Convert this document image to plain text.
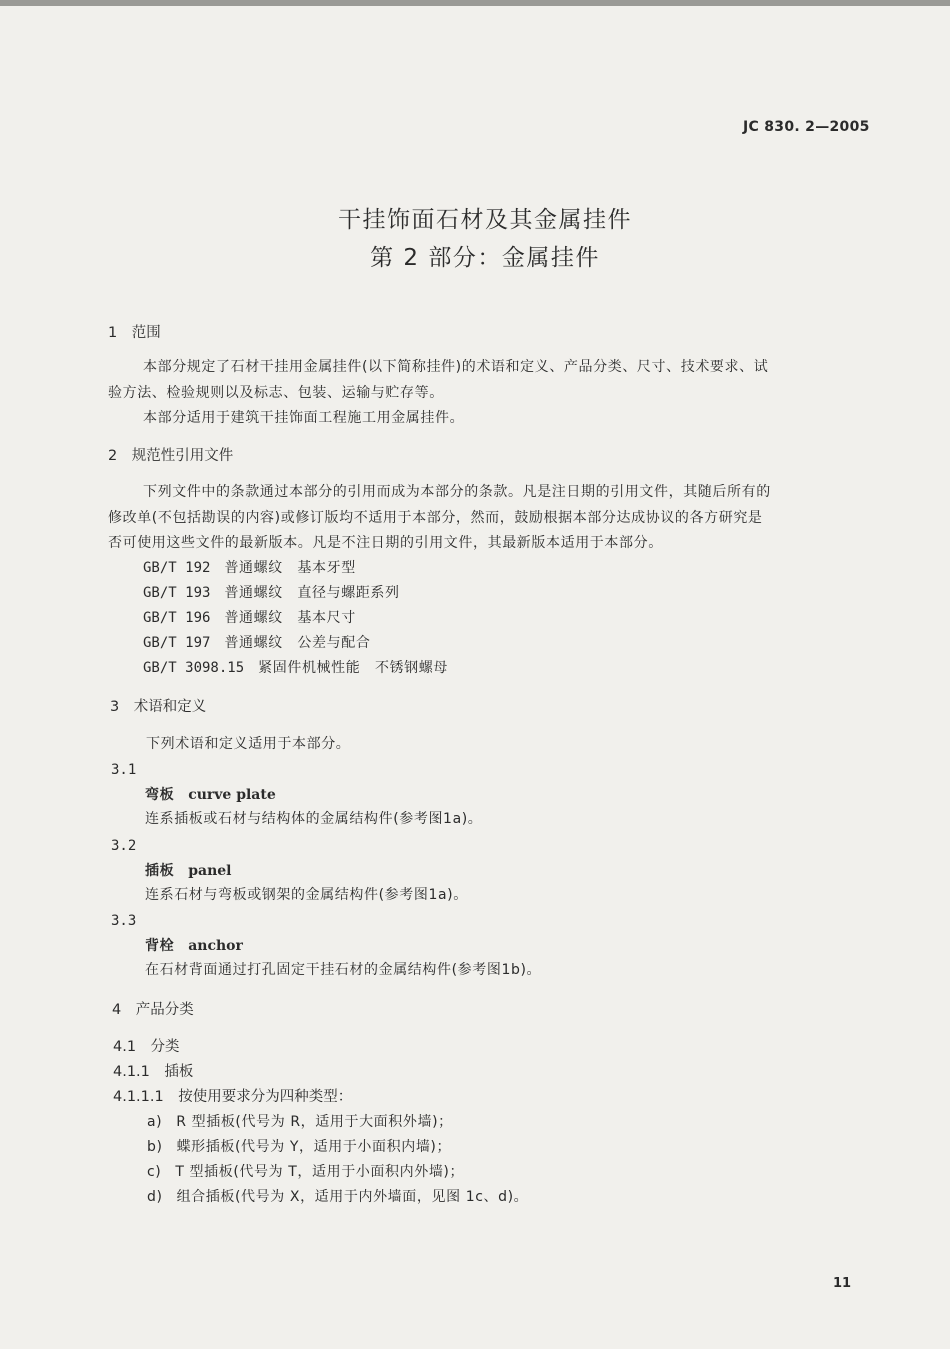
JC 830. 2—2005
干挂饰面石材及其金属挂件
第 2 部分：金属挂件
1　范围
本部分规定了石材干挂用金属挂件(以下简称挂件)的术语和定义、产品分类、尺寸、技术要求、试
验方法、检验规则以及标志、包装、运输与贮存等。
本部分适用于建筑干挂饰面工程施工用金属挂件。
2　规范性引用文件
下列文件中的条款通过本部分的引用而成为本部分的条款。凡是注日期的引用文件，其随后所有的
修改单(不包括勘误的内容)或修订版均不适用于本部分，然而，鼓励根据本部分达成协议的各方研究是
否可使用这些文件的最新版本。凡是不注日期的引用文件，其最新版本适用于本部分。
GB/T 192 普通螺纹　基本牙型
GB/T 193 普通螺纹　直径与螺距系列
GB/T 196 普通螺纹　基本尺寸
GB/T 197 普通螺纹　公差与配合
GB/T 3098.15 紧固件机械性能　不锈钢螺母
3　术语和定义
下列术语和定义适用于本部分。
3.1
弯板 curve plate
连系插板或石材与结构体的金属结构件(参考图1a)。
3.2
插板 panel
连系石材与弯板或钢架的金属结构件(参考图1a)。
3.3
背栓 anchor
在石材背面通过打孔固定干挂石材的金属结构件(参考图1b)。
4　产品分类
4.1　分类
4.1.1　插板
4.1.1.1　按使用要求分为四种类型：
a) R 型插板(代号为 R，适用于大面积外墙)；
b) 蝶形插板(代号为 Y，适用于小面积内墙)；
c) T 型插板(代号为 T，适用于小面积内外墙)；
d) 组合插板(代号为 X，适用于内外墙面，见图 1c、d)。
11
